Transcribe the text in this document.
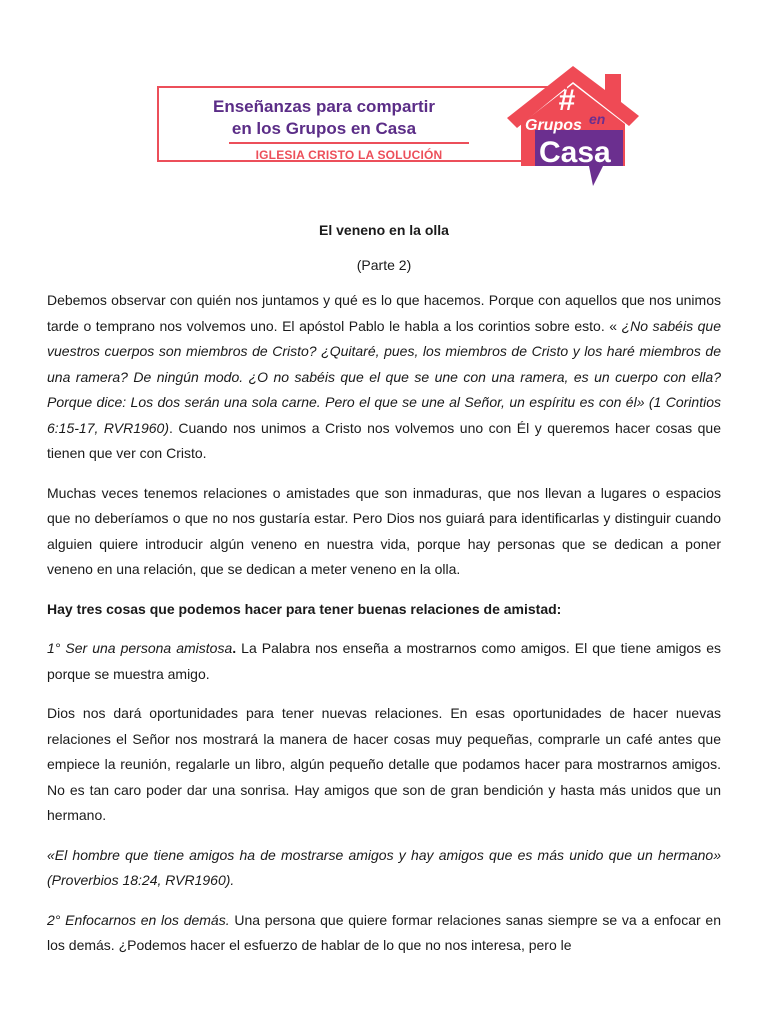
Enseñanzas para compartir
en los Grupos en Casa
IGLESIA CRISTO LA SOLUCIÓN
#
Grupos en
Casa
El veneno en la olla
(Parte 2)

Debemos observar con quién nos juntamos y qué es lo que hacemos. Porque con aquellos que nos unimos tarde o temprano nos volvemos uno. El apóstol Pablo le habla a los corintios sobre esto. « ¿No sabéis que vuestros cuerpos son miembros de Cristo? ¿Quitaré, pues, los miembros de Cristo y los haré miembros de una ramera? De ningún modo. ¿O no sabéis que el que se une con una ramera, es un cuerpo con ella? Porque dice: Los dos serán una sola carne. Pero el que se une al Señor, un espíritu es con él» (1 Corintios 6:15-17, RVR1960). Cuando nos unimos a Cristo nos volvemos uno con Él y queremos hacer cosas que tienen que ver con Cristo.

Muchas veces tenemos relaciones o amistades que son inmaduras, que nos llevan a lugares o espacios que no deberíamos o que no nos gustaría estar. Pero Dios nos guiará para identificarlas y distinguir cuando alguien quiere introducir algún veneno en nuestra vida, porque hay personas que se dedican a poner veneno en una relación, que se dedican a meter veneno en la olla.

Hay tres cosas que podemos hacer para tener buenas relaciones de amistad:

1° Ser una persona amistosa. La Palabra nos enseña a mostrarnos como amigos. El que tiene amigos es porque se muestra amigo.

Dios nos dará oportunidades para tener nuevas relaciones. En esas oportunidades de hacer nuevas relaciones el Señor nos mostrará la manera de hacer cosas muy pequeñas, comprarle un café antes que empiece la reunión, regalarle un libro, algún pequeño detalle que podamos hacer para mostrarnos amigos. No es tan caro poder dar una sonrisa. Hay amigos que son de gran bendición y hasta más unidos que un hermano.

«El hombre que tiene amigos ha de mostrarse amigos y hay amigos que es más unido que un hermano» (Proverbios 18:24, RVR1960).

2° Enfocarnos en los demás. Una persona que quiere formar relaciones sanas siempre se va a enfocar en los demás. ¿Podemos hacer el esfuerzo de hablar de lo que no nos interesa, pero le
